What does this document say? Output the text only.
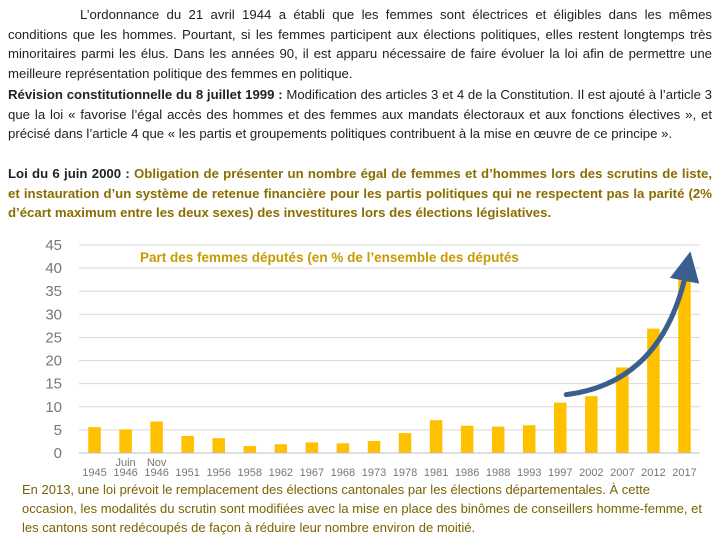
L’ordonnance du 21 avril 1944 a établi que les femmes sont électrices et éligibles dans les mêmes conditions que les hommes. Pourtant, si les femmes participent aux élections politiques, elles restent longtemps très minoritaires parmi les élus. Dans les années 90, il est apparu nécessaire de faire évoluer la loi afin de permettre une meilleure représentation politique des femmes en politique.

Révision constitutionnelle du 8 juillet 1999 : Modification des articles 3 et 4 de la Constitution. Il est ajouté à l’article 3 que la loi « favorise l’égal accès des hommes et des femmes aux mandats électoraux et aux fonctions électives », et précisé dans l’article 4 que « les partis et groupements politiques contribuent à la mise en œuvre de ce principe ».

Loi du 6 juin 2000 : Obligation de présenter un nombre égal de femmes et d’hommes lors des scrutins de liste, et instauration d’un système de retenue financière pour les partis politiques qui ne respectent pas la parité (2% d’écart maximum entre les deux sexes) des investitures lors des élections législatives.

0
5
10
15
20
25
30
35
40
45
1945 1946
Juin
1946
Nov
1951 1956 1958 1962 1967 1968 1973 1978 1981 1986 1988 1993 1997 2002 2007 2012 2017

Part des femmes députés (en % de l’ensemble des députés

En 2013, une loi prévoit le remplacement des élections cantonales par les élections départementales. À cette occasion, les modalités du scrutin sont modifiées avec la mise en place des binômes de conseillers homme-femme, et les cantons sont redécoupés de façon à réduire leur nombre environ de moitié.
